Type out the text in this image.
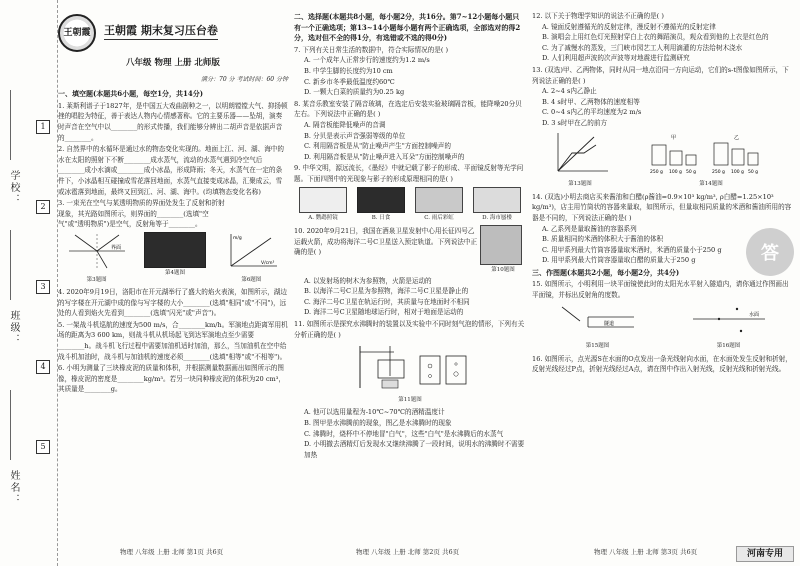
学校：
班级：
姓名：
1
2
3
4
5
王朝霞	王朝霞 期末复习压台卷
八年级 物理 上册 北师版
满分：70 分 考试时间：60 分钟
一、填空题(本题共6小题，每空1分，共14分)
1. 莱斯利谱子于1827年，是中国五大戏曲剧种之一，以明朗镗镗大气、抑扬顿挫的唱腔为特征，善于表达人物内心情感著称。它的主要乐器——坠胡，演奏时声音在空气中以________的形式传播，我们能够分辨出二胡声音是依据声音的________。
2. 自然界中的水循环是通过水的物态变化实现的。地面上江、河、湖、海中的水在太阳的照射下不断________成水蒸气，流动的水蒸气遇到冷空气后________成小水滴或________成小冰晶，形成降雨；冬天，水蒸气在一定的条件下，小冰晶相互碰撞成雪花落回地面，水蒸气直接变成冰晶，汇聚成云，雪或冰雹落到地面，最终又回到江、河、湖、海中。(均填物态变化名称)
3. 一束光在空气与某透明物质的界面处发生了反射和折射现象，其光路如图所示，则界面的________(选填"空气"或"透明物质")是空气，反射角等于________。
界面
第3题图
第4题图
m/g
V/cm³
第6题图
4. 2020年9月19日，洛阳市在开元湖举行了盛大的焰火表演，如图所示，湖边的写字楼在开元湖中成的像与写字楼的大小________(选填"相同"或"不同")，远处的人看到焰火先看到________(选填"闪光"或"声音")。
5. 一架战斗机巡航的速度为500 m/s，合________km/h。军演地点距离军用机场的距离为3 600 km，则战斗机从机场起飞到达军演地点至少需要________h。战斗机飞行过程中需要加油机适时加油，那么，当加油机在空中给战斗机加油时，战斗机与加油机的速度必须________(选填"相等"或"不相等")。
6. 小明为测量了三块橡皮泥的质量和体积，并根据测量数据画出如图所示的图像，橡皮泥的密度是________kg/m³。若另一块同种橡皮泥的体积为20 cm³，其质量是________g。
二、选择题(本题共8小题，每小题2分，共16分。第7~12小题每小题只有一个正确选项；第13~14小题每小题有两个正确选项，全部选对的得2分，选对但不全的得1分，有选错或不选的得0分)
7. 下列有关日常生活的数据中，符合实际情况的是( )
A. 一个成年人正常步行的速度约为1.2 m/s
B. 中学生脚的长度约为10 cm
C. 新乡市冬季最低温度约60℃
D. 一颗大白菜的质量约为0.25 kg
8. 某音乐教室安装了隔音玻璃，在选定后安装实验玻璃隔音板，能降噪20分贝左右。下列说法中正确的是( )
A. 隔音板能降低噪声的音调
B. 分贝是表示声音强弱等级的单位
C. 利用隔音板是从"防止噪声产生"方面控制噪声的
D. 利用隔音板是从"防止噪声进入耳朵"方面控制噪声的
9. 中华文明，源远流长，《墨经》中就记载了影子的形成、平面镜反射等光学问题。下面四图中的光现象与影子的形成原理相同的是( )
A. 鹦鹉照镜	B. 日食	C. 雨后彩虹	D. 海市蜃楼
10. 2020年9月21日，我国在酒泉卫星发射中心用长征四号乙运载火箭，成功将海洋二号C卫星送入预定轨道。下列说法中正确的是( )
第10题图
A. 以发射场的树木为参照物，火箭是运动的
B. 以海洋二号C卫星为参照物，海洋二号C卫星是静止的
C. 海洋二号C卫星在轨运行时，其质量与在地面时不相同
D. 海洋二号C卫星随地球运行时，相对于地面是运动的
11. 如图所示是探究水沸腾时的装置以及实验中不同时刻气泡的情形，下列有关分析正确的是( )
第11题图
A. 他可以选用量程为-10℃~70℃的酒精温度计
B. 图甲是水沸腾前的现象，图乙是水沸腾时的现象
C. 沸腾时，烧杯中不停地冒"白气"，这些"白气"是水沸腾后的水蒸气
D. 小明撤去酒精灯后发现水又继续沸腾了一段时间，说明水的沸腾时不需要加热
12. 以下关于物理学知识的说法不正确的是( )
A. 镜面反射遵循光的反射定律，漫反射不遵循光的反射定律
B. 演唱会上用红色灯光照射穿白上衣的舞蹈演员，观众看到他的上衣是红色的
C. 为了减慢水的蒸发，三门峡市园艺工人利用滴灌的方法给树木浇水
D. 人们利用超声波的次声波等对地震进行监测研究
13. (双选)甲、乙两物体，同时从同一地点沿同一方向运动，它们的s-t图像如图所示，下列说法正确的是( )
A. 2~4 s内乙静止
B. 4 s时甲、乙两物体的速度相等
C. 0~4 s内乙的平均速度为2 m/s
D. 3 s时甲在乙的前方
第13题图
250 g 100 g 50 g	250 g 100 g 50 g
甲	乙
第14题图
14. (双选)小明去商店买来酱油和白醋(ρ酱油=0.9×10³ kg/m³, ρ白醋=1.25×10³ kg/m³)，店主用竹筒状的容器来量取，如图所示，但量取相同质量的米酒和酱油所用的容器是不同的，下列说法正确的是( )
A. 乙系列是量取酱油的容器系列
B. 质量相同的米酒的体积大于酱油的体积
C. 用甲系列最大竹筒容器量取米酒时，米酒的质量小于250 g
D. 用甲系列最大竹筒容器量取白醋的质量大于250 g
三、作图题(本题共2小题，每小题2分，共4分)
15. 如图所示，小明利用一块平面镜使此时的太阳光水平射入隧道内，请你通过作图画出平面镜，并标出反射角的度数。
隧道
第15题图
水面
第16题图
16. 如图所示，点光源S在水面的O点发出一条光线射向水面，在水面处发生反射和折射，反射光线经过P点，折射光线经过A点，请在图中作出入射光线，反射光线和折射光线。
答
物理 八年级 上册 北师 第1页 共6页	物理 八年级 上册 北师 第2页 共6页	物理 八年级 上册 北师 第3页 共6页	河南专用
